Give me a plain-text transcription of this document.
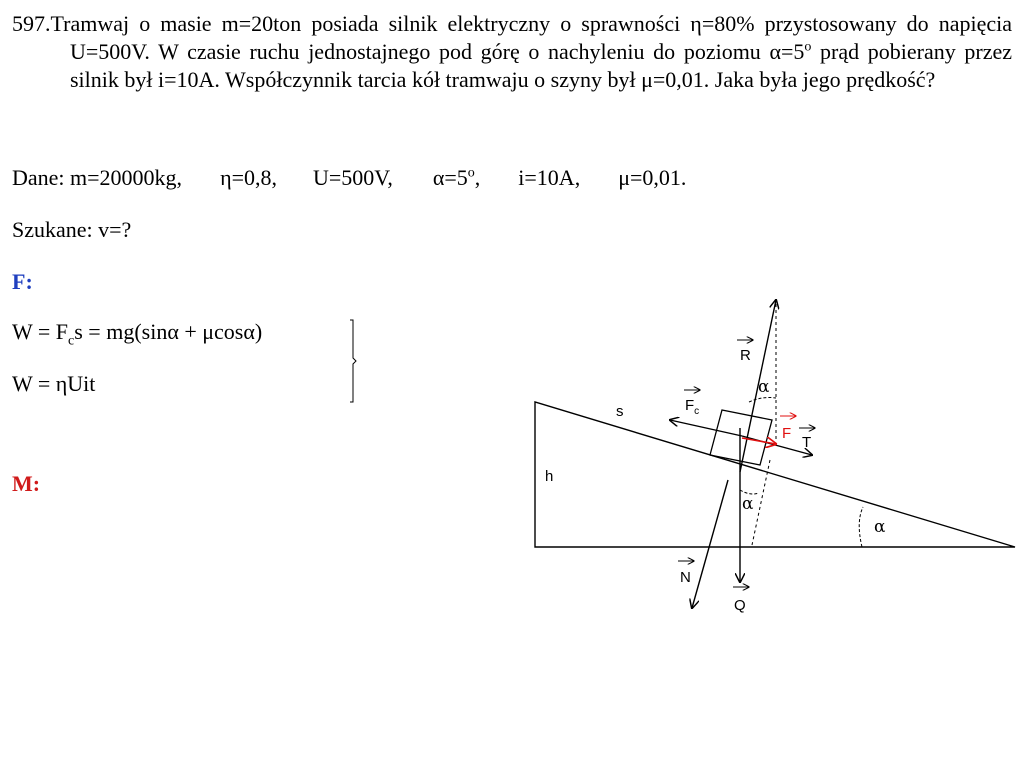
597.Tramwaj o masie m=20ton posiada silnik elektryczny o sprawności η=80% przystosowany do napięcia U=500V. W czasie ruchu jednostajnego pod górę o nachyleniu do poziomu $\alpha=5^o$ prąd pobierany przez silnik był i=10A. Współczynnik tarcia kół tramwaju o szyny był μ=0,01. Jaka była jego prędkość?
Dane: m=20000kg, η=0,8, U=500V, $\alpha=5^o$, i=10A, μ=0,01.
Szukane: v=?
F:
$W = F_cs = mg(\sin\alpha + \mu\cos\alpha)$
W = ηUit
M:
s
h
R
$F_c$
F
T
N
Q
α
α
α
